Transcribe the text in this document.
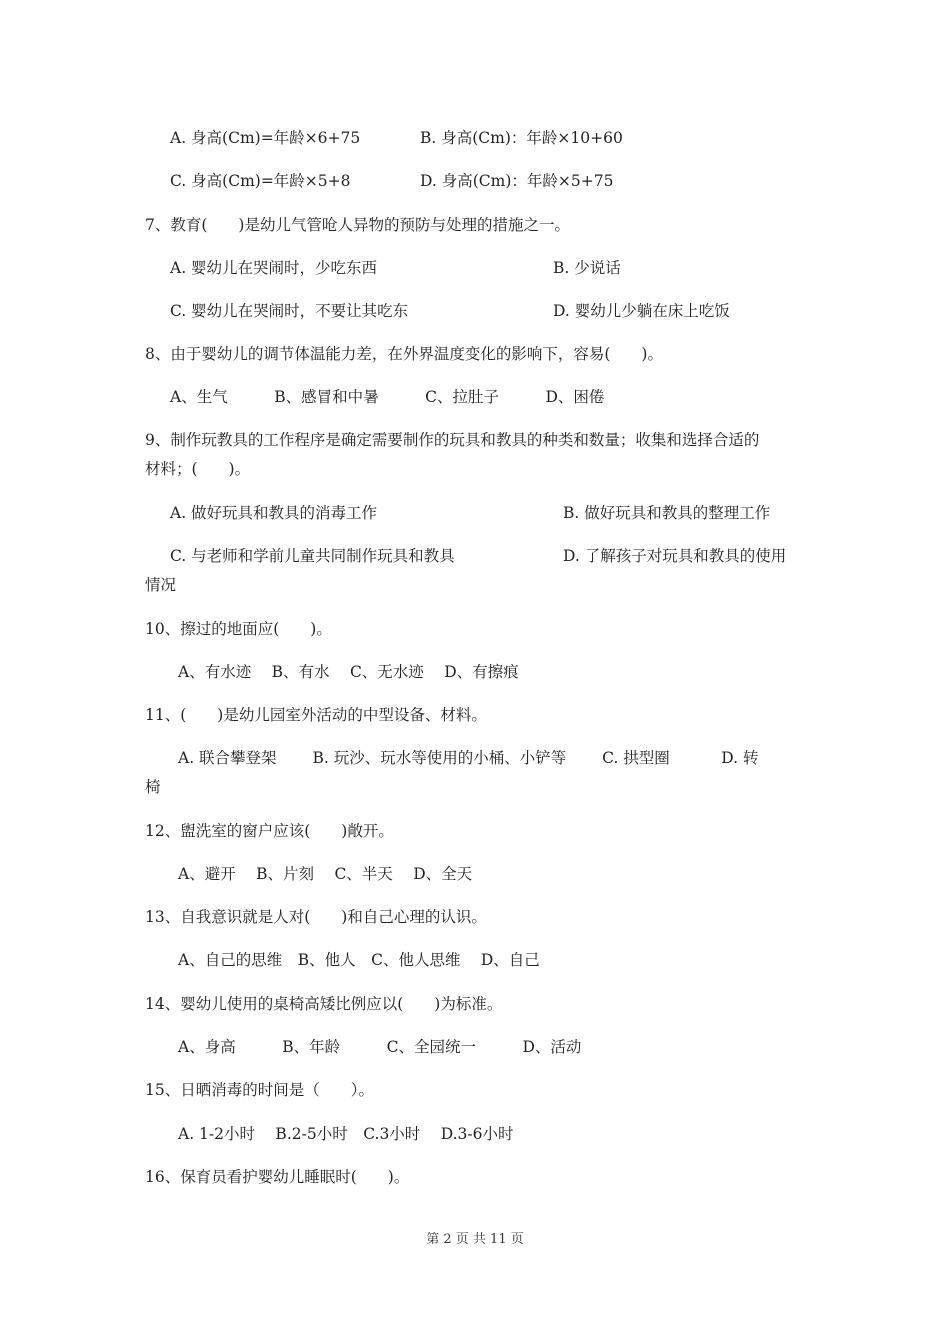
A. 身高(Cm)=年龄×6+75	B. 身高(Cm)：年龄×10+60
C. 身高(Cm)=年龄×5+8	D. 身高(Cm)：年龄×5+75
7、教育(　　)是幼儿气管呛人异物的预防与处理的措施之一。
A. 婴幼儿在哭闹时，少吃东西	B. 少说话
C. 婴幼儿在哭闹时，不要让其吃东	D. 婴幼儿少躺在床上吃饭
8、由于婴幼儿的调节体温能力差，在外界温度变化的影响下，容易(　　)。
A、生气　　　B、感冒和中暑　　　C、拉肚子　　　D、困倦
9、制作玩教具的工作程序是确定需要制作的玩具和教具的种类和数量；收集和选择合适的
材料；(　　)。
A. 做好玩具和教具的消毒工作	B. 做好玩具和教具的整理工作
C. 与老师和学前儿童共同制作玩具和教具	D. 了解孩子对玩具和教具的使用
情况
10、擦过的地面应(　　)。
A、有水迹　 B、有水　 C、无水迹　 D、有擦痕
11、(　　)是幼儿园室外活动的中型设备、材料。
A. 联合攀登架　　 B. 玩沙、玩水等使用的小桶、小铲等　　 C. 拱型圈　　　 D. 转
椅
12、盥洗室的窗户应该(　　)敞开。
A、避开　 B、片刻　 C、半天　 D、全天
13、自我意识就是人对(　　)和自己心理的认识。
A、自己的思维　B、他人　C、他人思维　 D、自己
14、婴幼儿使用的桌椅高矮比例应以(　　)为标准。
A、身高　　　B、年龄　　　C、全园统一　　　D、活动
15、日晒消毒的时间是（　　）。
A. 1-2小时　 B.2-5小时　C.3小时　 D.3-6小时
16、保育员看护婴幼儿睡眠时(　　)。
第 2 页 共 11 页
